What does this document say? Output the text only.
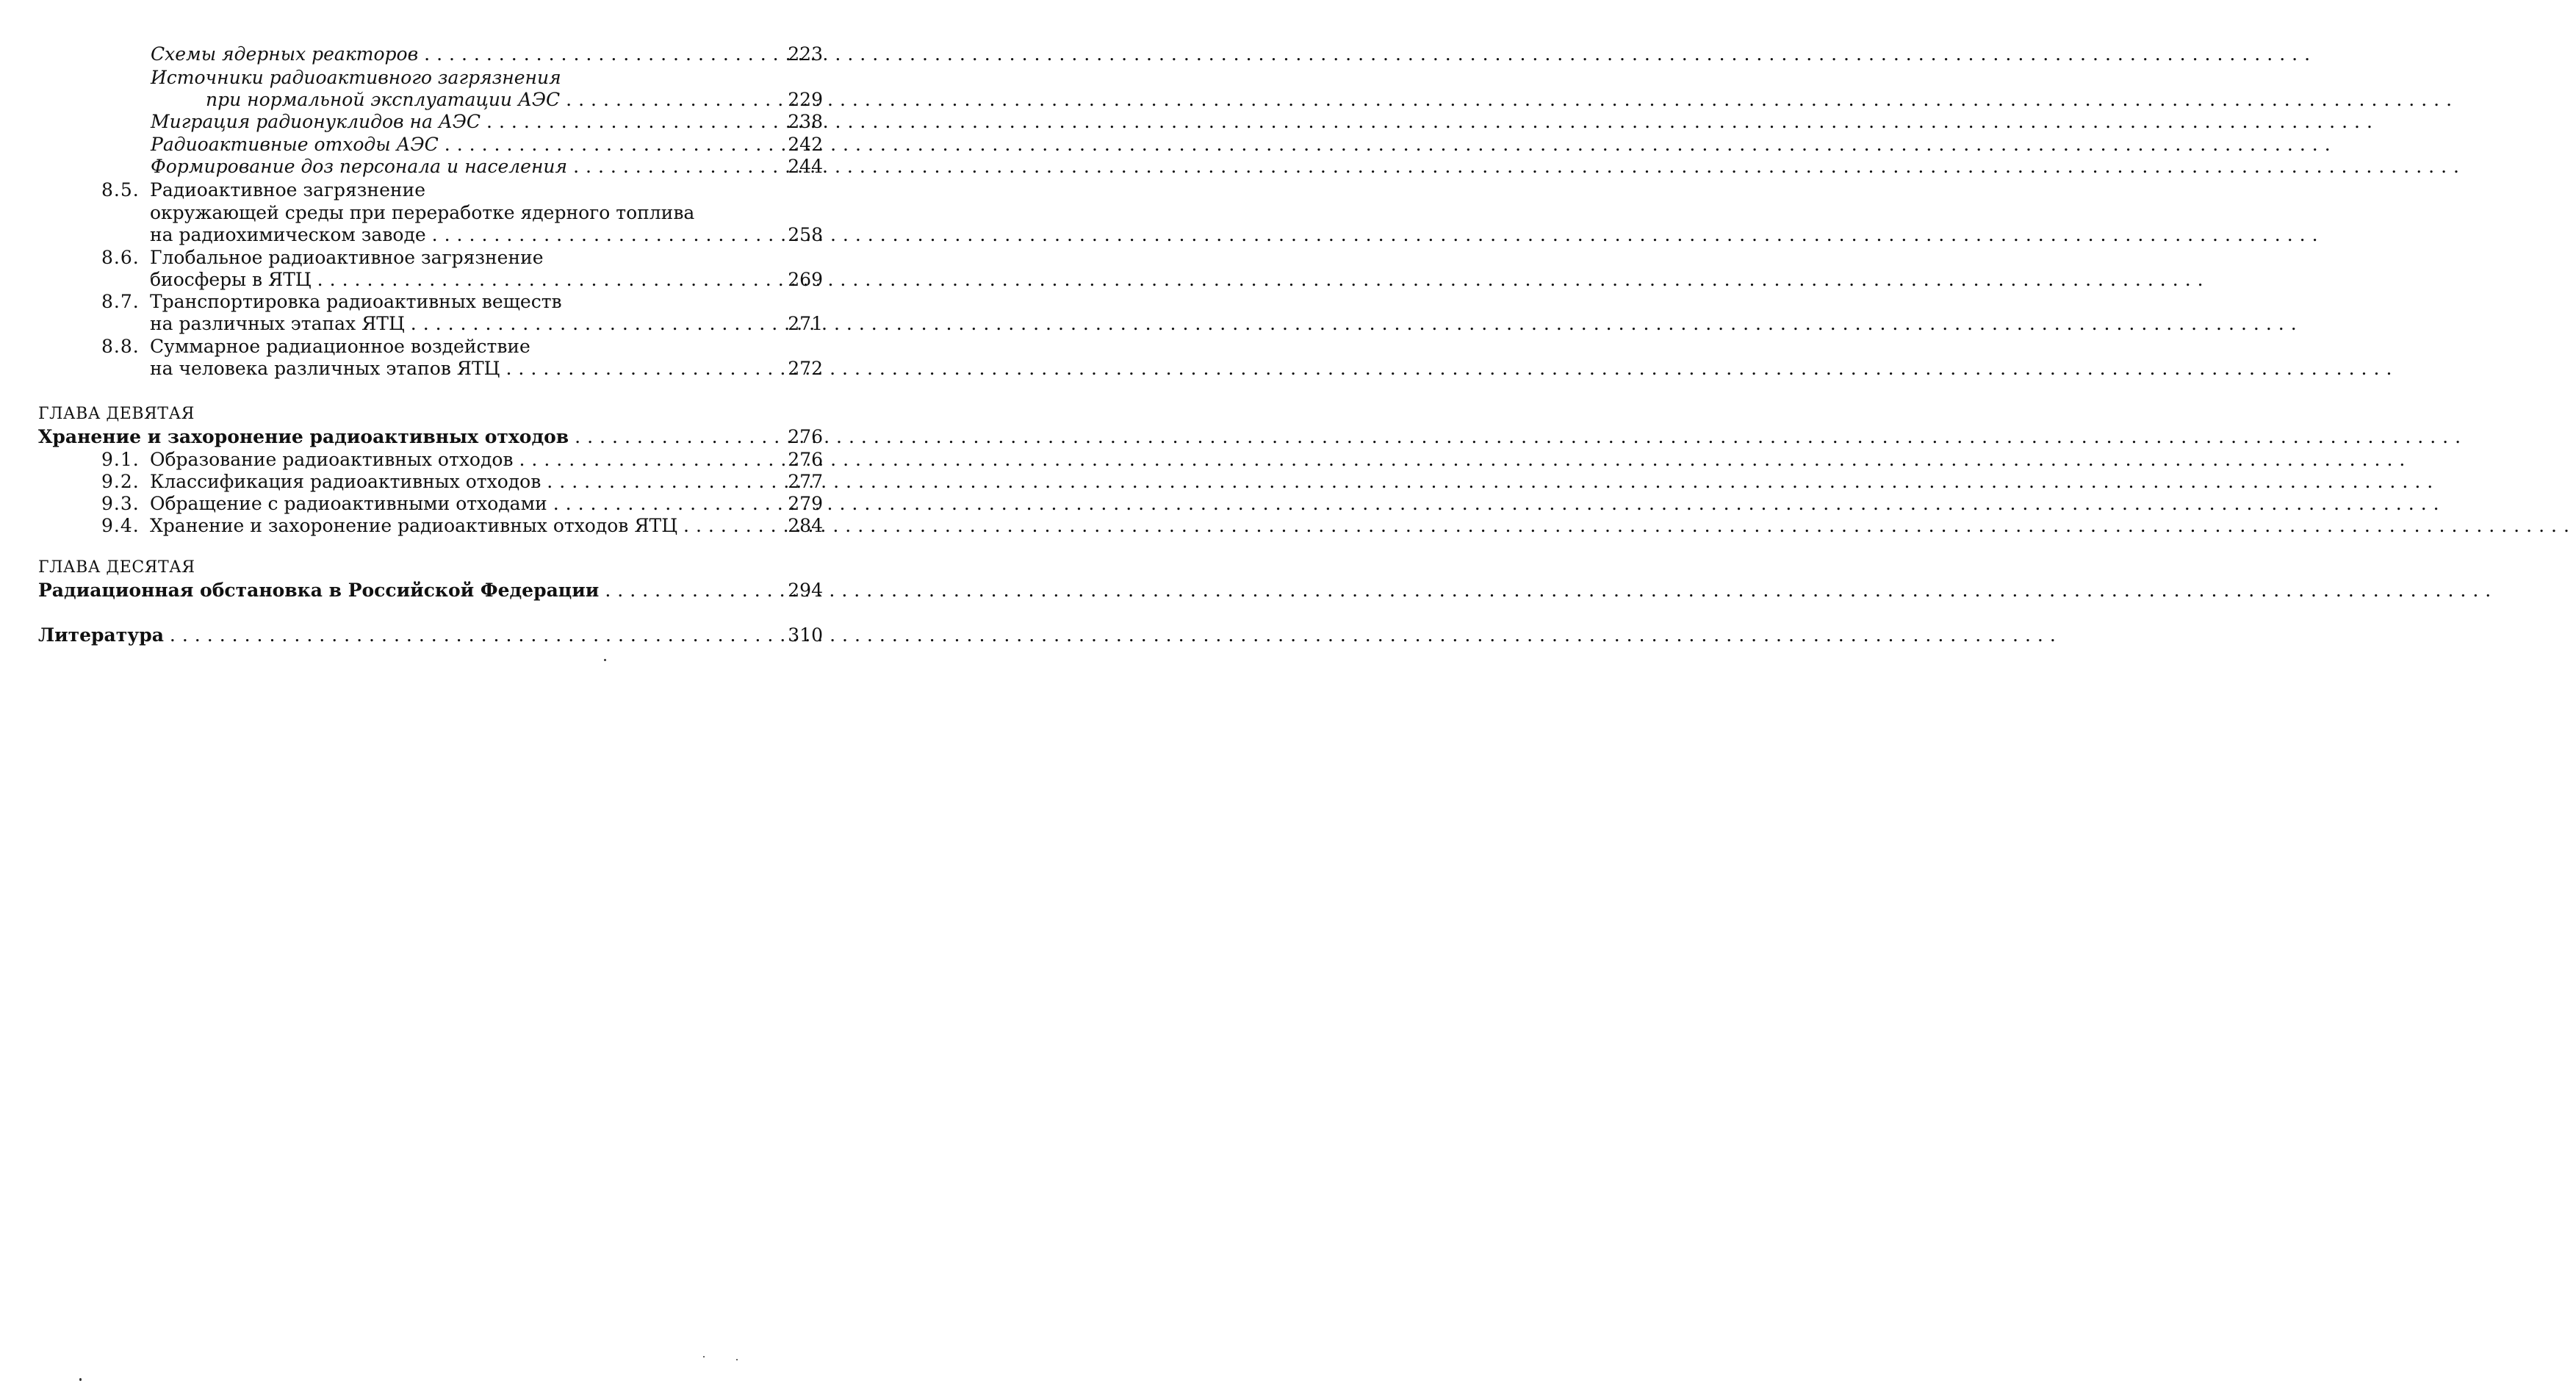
Схемы ядерных реакторов .....	223
Источники радиоактивного загрязнения
при нормальной эксплуатации АЭС .....	229
Миграция радионуклидов на АЭС .....	238
Радиоактивные отходы АЭС .....	242
Формирование доз персонала и населения .....	244
8.5. Радиоактивное загрязнение
окружающей среды при переработке ядерного топлива
на радиохимическом заводе .....	258
8.6. Глобальное радиоактивное загрязнение
биосферы в ЯТЦ .....	269
8.7. Транспортировка радиоактивных веществ
на различных этапах ЯТЦ .....	271
8.8. Суммарное радиационное воздействие
на человека различных этапов ЯТЦ .....	272
ГЛАВА ДЕВЯТАЯ
Хранение и захоронение радиоактивных отходов .....	276
9.1. Образование радиоактивных отходов .....	276
9.2. Классификация радиоактивных отходов .....	277
9.3. Обращение с радиоактивными отходами .....	279
9.4. Хранение и захоронение радиоактивных отходов ЯТЦ .....	284
ГЛАВА ДЕСЯТАЯ
Радиационная обстановка в Российской Федерации .....	294
Литература .....	310
